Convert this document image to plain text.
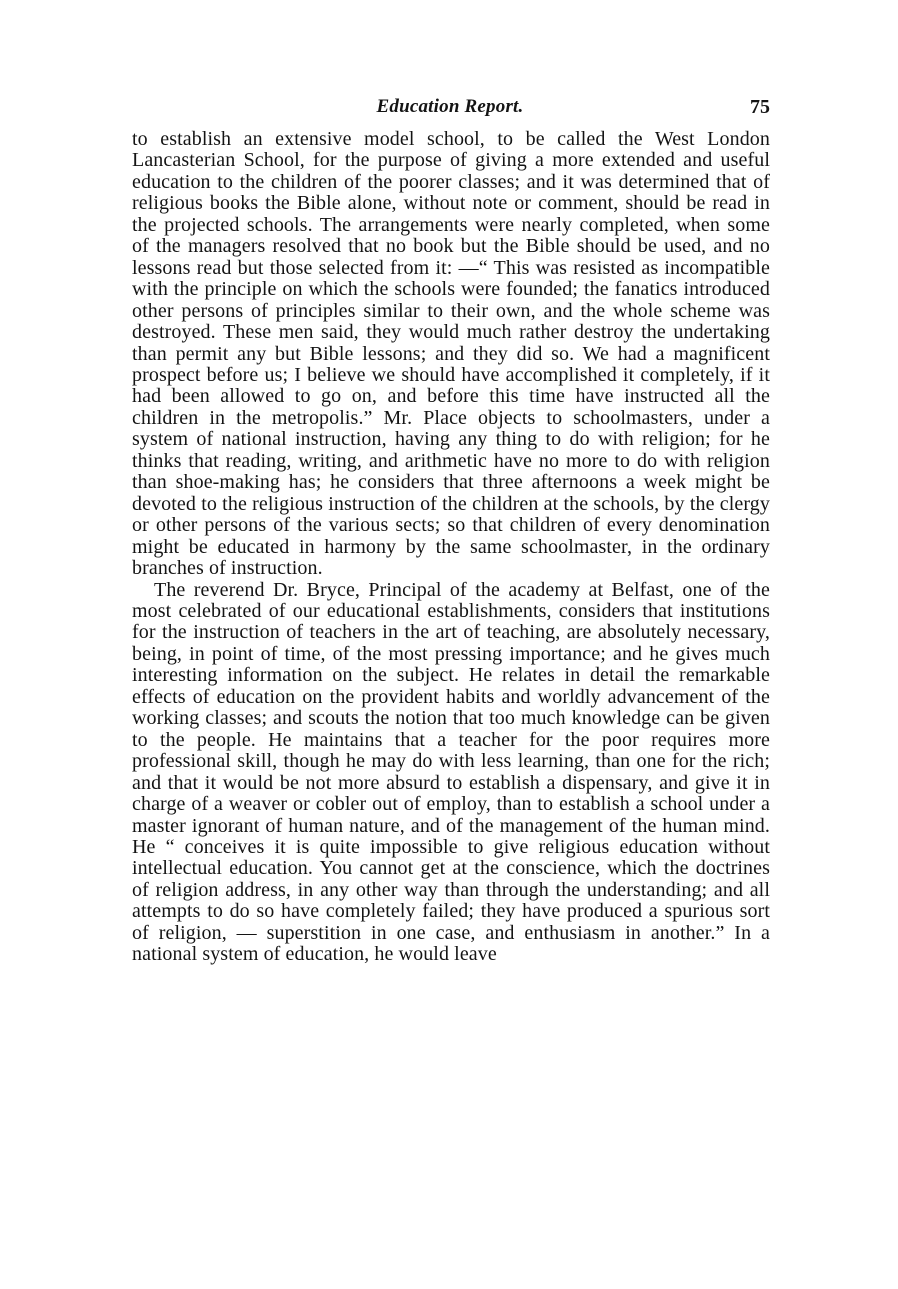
Education Report.	75

to establish an extensive model school, to be called the West London Lancasterian School, for the purpose of giving a more extended and useful education to the children of the poorer classes; and it was determined that of religious books the Bible alone, without note or comment, should be read in the projected schools. The arrangements were nearly completed, when some of the managers resolved that no book but the Bible should be used, and no lessons read but those selected from it: —“ This was resisted as incompatible with the principle on which the schools were founded; the fanatics introduced other persons of principles similar to their own, and the whole scheme was destroyed. These men said, they would much rather destroy the undertaking than permit any but Bible lessons; and they did so. We had a magnificent prospect before us; I believe we should have accomplished it completely, if it had been allowed to go on, and before this time have instructed all the children in the metropolis.” Mr. Place objects to schoolmasters, under a system of national instruction, having any thing to do with religion; for he thinks that reading, writing, and arithmetic have no more to do with religion than shoe-making has; he considers that three afternoons a week might be devoted to the religious instruction of the children at the schools, by the clergy or other persons of the various sects; so that children of every denomination might be educated in harmony by the same schoolmaster, in the ordinary branches of instruction.

The reverend Dr. Bryce, Principal of the academy at Belfast, one of the most celebrated of our educational establishments, considers that institutions for the instruction of teachers in the art of teaching, are absolutely necessary, being, in point of time, of the most pressing importance; and he gives much interesting information on the subject. He relates in detail the remarkable effects of education on the provident habits and worldly advancement of the working classes; and scouts the notion that too much knowledge can be given to the people. He maintains that a teacher for the poor requires more professional skill, though he may do with less learning, than one for the rich; and that it would be not more absurd to establish a dispensary, and give it in charge of a weaver or cobler out of employ, than to establish a school under a master ignorant of human nature, and of the management of the human mind. He “ conceives it is quite impossible to give religious education without intellectual education. You cannot get at the conscience, which the doctrines of religion address, in any other way than through the understanding; and all attempts to do so have completely failed; they have produced a spurious sort of religion, — superstition in one case, and enthusiasm in another.” In a national system of education, he would leave
